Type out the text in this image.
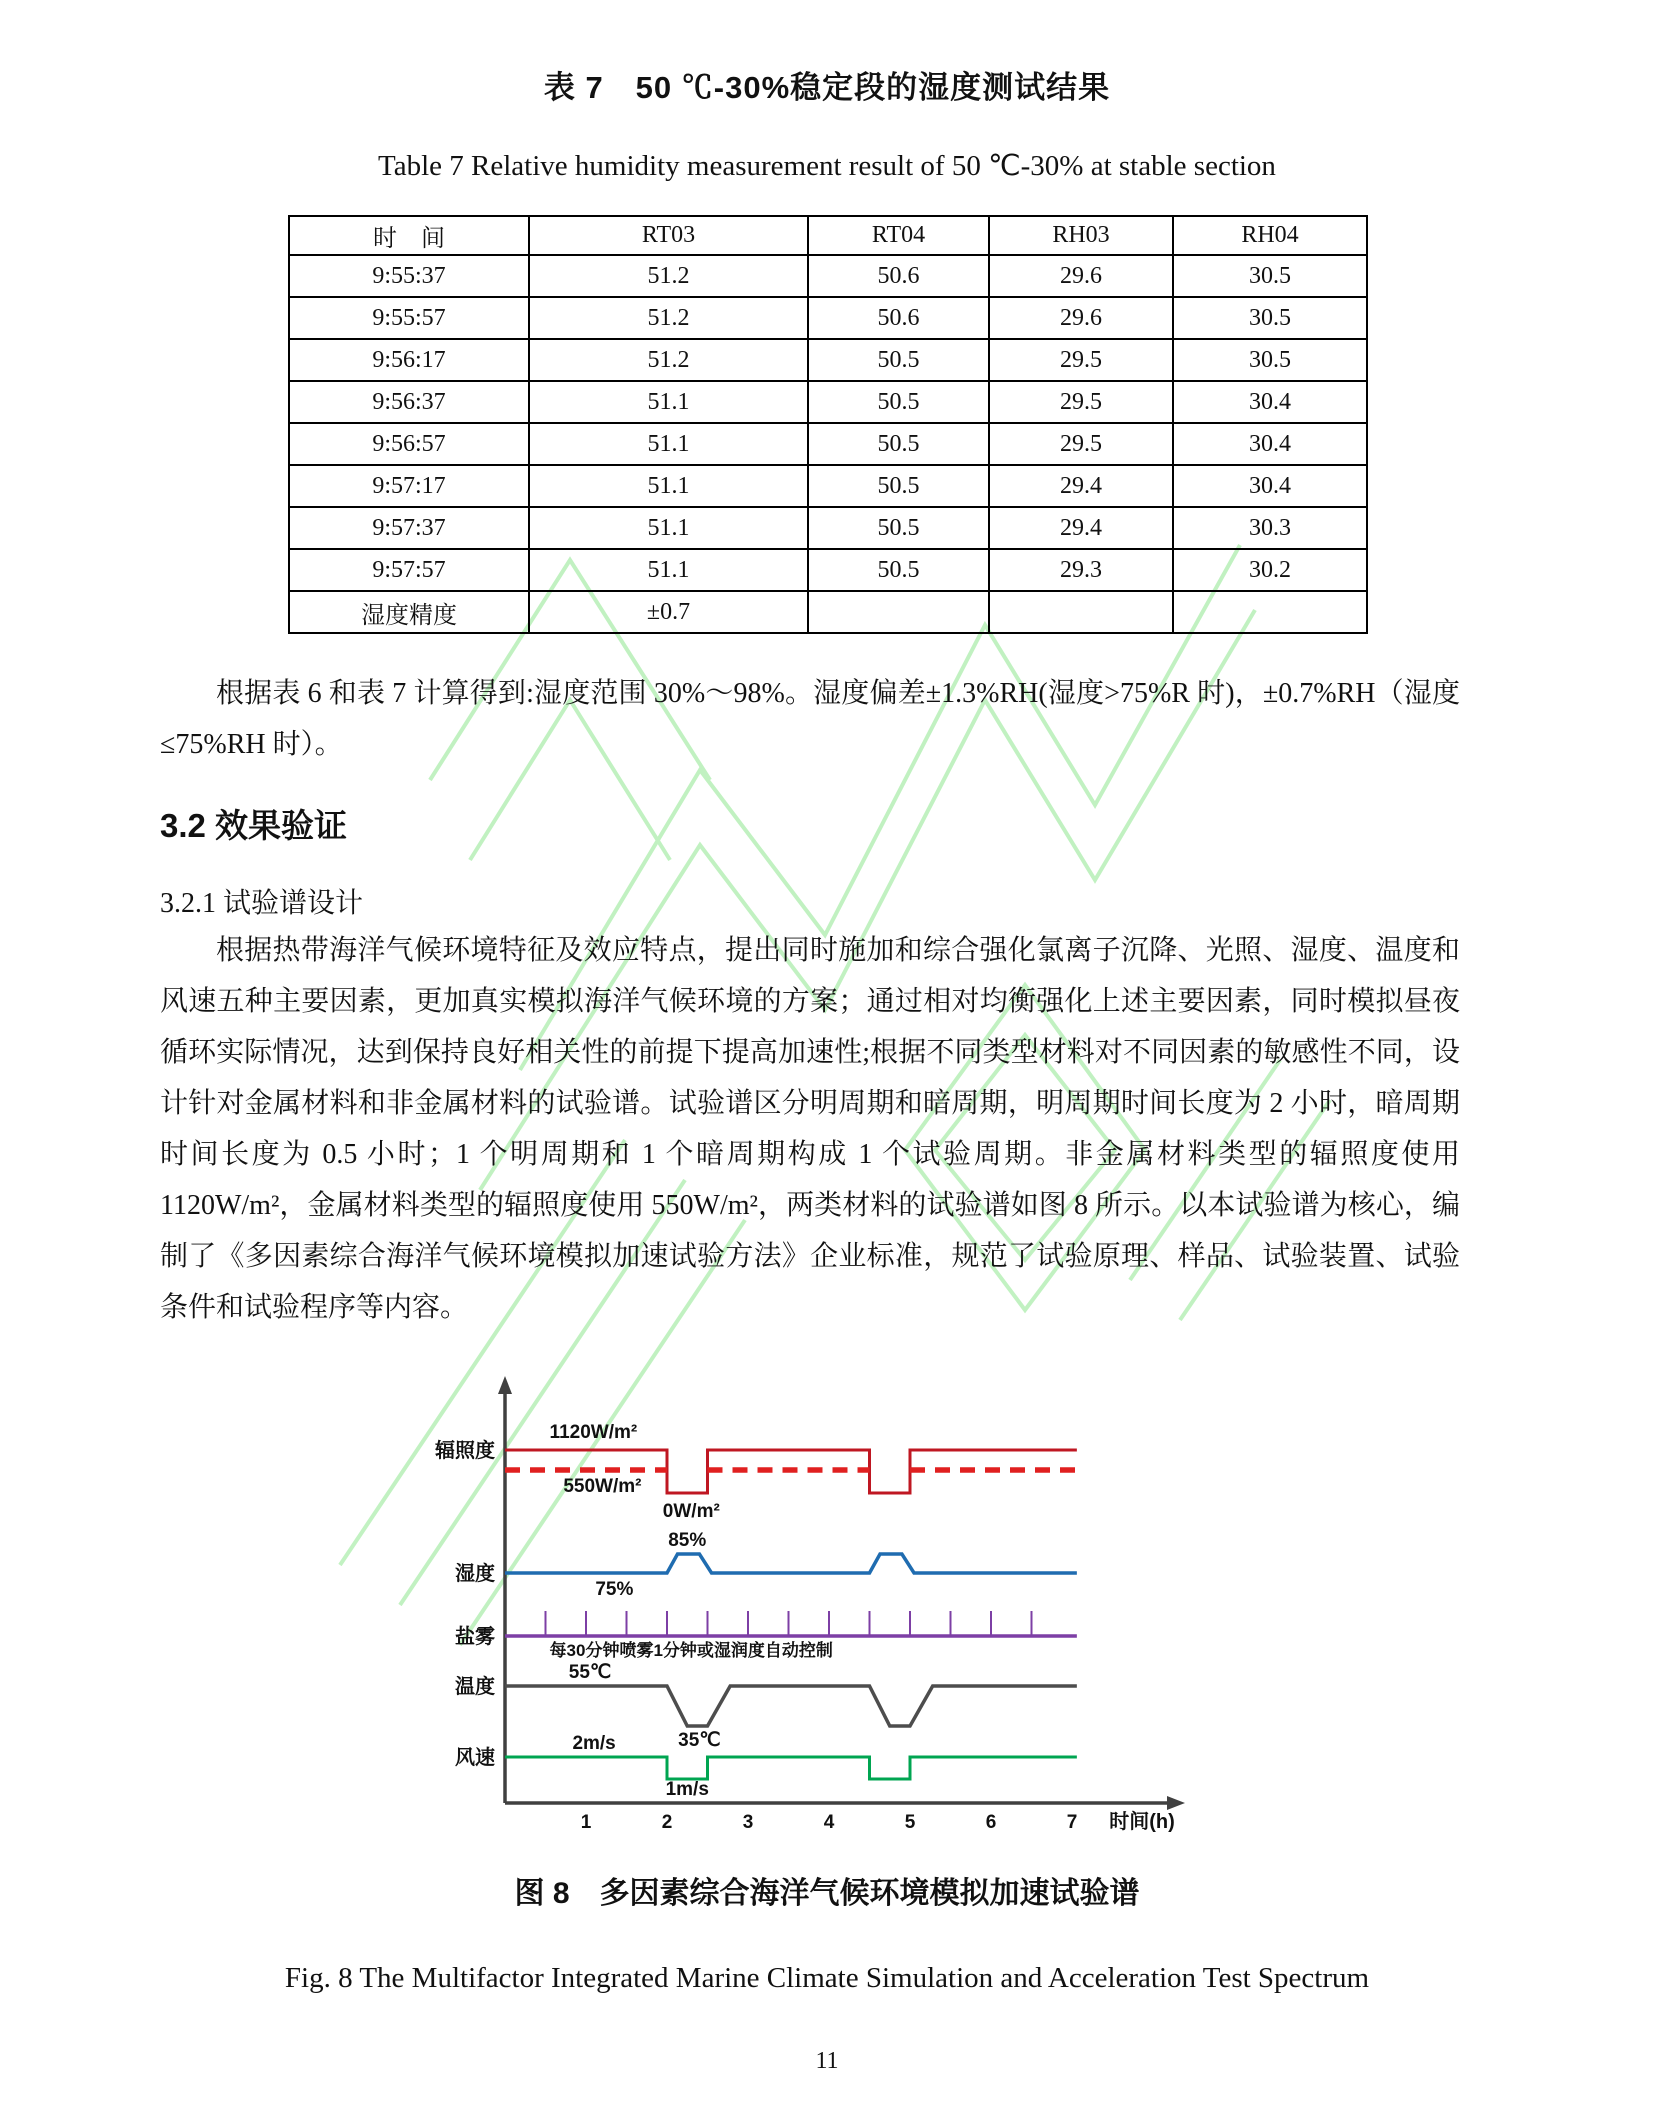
表 7　50 ℃-30%稳定段的湿度测试结果
Table 7 Relative humidity measurement result of 50 ℃-30% at stable section
时　间	RT03	RT04	RH03	RH04
9:55:37	51.2	50.6	29.6	30.5
9:55:57	51.2	50.6	29.6	30.5
9:56:17	51.2	50.5	29.5	30.5
9:56:37	51.1	50.5	29.5	30.4
9:56:57	51.1	50.5	29.5	30.4
9:57:17	51.1	50.5	29.4	30.4
9:57:37	51.1	50.5	29.4	30.3
9:57:57	51.1	50.5	29.3	30.2
湿度精度	±0.7			
根据表 6 和表 7 计算得到:湿度范围 30%～98%。湿度偏差±1.3%RH(湿度>75%R 时)，±0.7%RH（湿度≤75%RH 时）。
3.2 效果验证
3.2.1 试验谱设计
根据热带海洋气候环境特征及效应特点，提出同时施加和综合强化氯离子沉降、光照、湿度、温度和风速五种主要因素，更加真实模拟海洋气候环境的方案；通过相对均衡强化上述主要因素，同时模拟昼夜循环实际情况，达到保持良好相关性的前提下提高加速性;根据不同类型材料对不同因素的敏感性不同，设计针对金属材料和非金属材料的试验谱。试验谱区分明周期和暗周期，明周期时间长度为 2 小时，暗周期时间长度为 0.5 小时；1 个明周期和 1 个暗周期构成 1 个试验周期。非金属材料类型的辐照度使用 1120W/m²，金属材料类型的辐照度使用 550W/m²，两类材料的试验谱如图 8 所示。以本试验谱为核心，编制了《多因素综合海洋气候环境模拟加速试验方法》企业标准，规范了试验原理、样品、试验装置、试验条件和试验程序等内容。
1	2	3	4	5	6	7 时间(h)
辐照度
湿度
盐雾
温度
风速
1120W/m²
550W/m²
0W/m²
85%
75%
每30分钟喷雾1分钟或湿润度自动控制
55℃
35℃
2m/s
1m/s
图 8　多因素综合海洋气候环境模拟加速试验谱
Fig. 8 The Multifactor Integrated Marine Climate Simulation and Acceleration Test Spectrum
11
